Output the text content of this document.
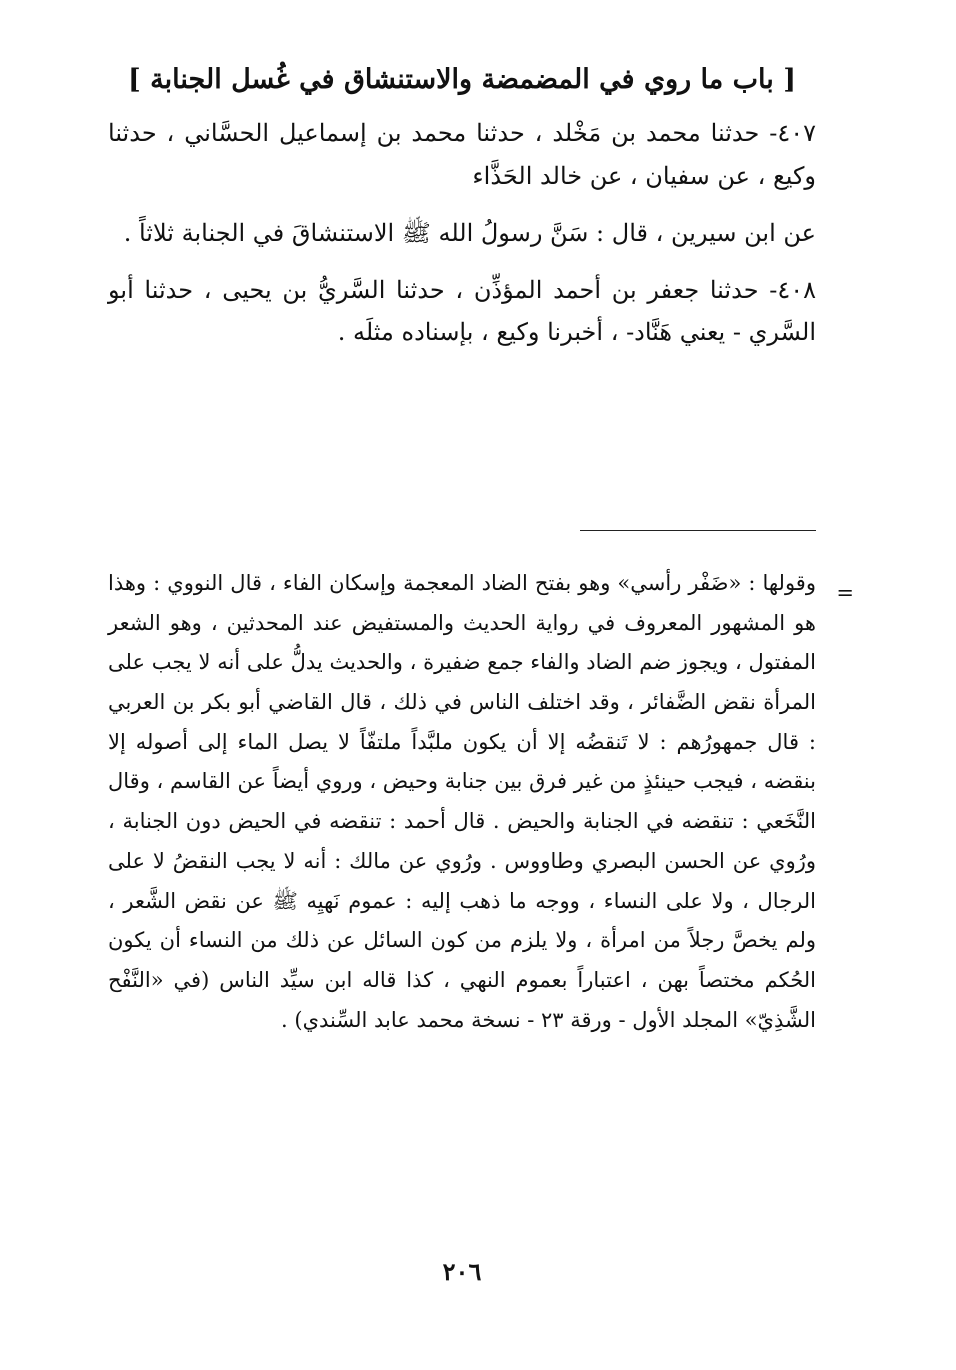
[ باب ما روي في المضمضة والاستنشاق في غُسل الجنابة ]

٤٠٧- حدثنا محمد بن مَخْلد ، حدثنا محمد بن إسماعيل الحسَّاني ، حدثنا وكيع ، عن سفيان ، عن خالد الحَذَّاء

عن ابن سيرين ، قال : سَنَّ رسولُ الله ﷺ الاستنشاقَ في الجنابة ثلاثاً .

٤٠٨- حدثنا جعفر بن أحمد المؤذِّن ، حدثنا السَّريُّ بن يحيى ، حدثنا أبو السَّري - يعني هَنَّاد- ، أخبرنا وكيع ، بإسناده مثلَه .

=

وقولها : «ضَفْر رأسي» وهو بفتح الضاد المعجمة وإسكان الفاء ، قال النووي : وهذا هو المشهور المعروف في رواية الحديث والمستفيض عند المحدثين ، وهو الشعر المفتول ، ويجوز ضم الضاد والفاء جمع ضفيرة ، والحديث يدلُّ على أنه لا يجب على المرأة نقض الضَّفائر ، وقد اختلف الناس في ذلك ، قال القاضي أبو بكر بن العربي : قال جمهورُهم : لا تَنقضُه إلا أن يكون ملبَّداً ملتفّاً لا يصل الماء إلى أصوله إلا بنقضه ، فيجب حينئذٍ من غير فرق بين جنابة وحيض ، وروي أيضاً عن القاسم ، وقال النَّخَعي : تنقضه في الجنابة والحيض . قال أحمد : تنقضه في الحيض دون الجنابة ، ورُوي عن الحسن البصري وطاووس . ورُوي عن مالك : أنه لا يجب النقضُ لا على الرجال ، ولا على النساء ، ووجه ما ذهب إليه : عموم نَهيِه ﷺ عن نقض الشَّعر ، ولم يخصَّ رجلاً من امرأة ، ولا يلزم من كون السائل عن ذلك من النساء أن يكون الحُكم مختصاً بهن ، اعتباراً بعموم النهي ، كذا قاله ابن سيِّد الناس (في «النَّفْح الشَّذِيّ» المجلد الأول - ورقة ٢٣ - نسخة محمد عابد السِّندي) .

٢٠٦
